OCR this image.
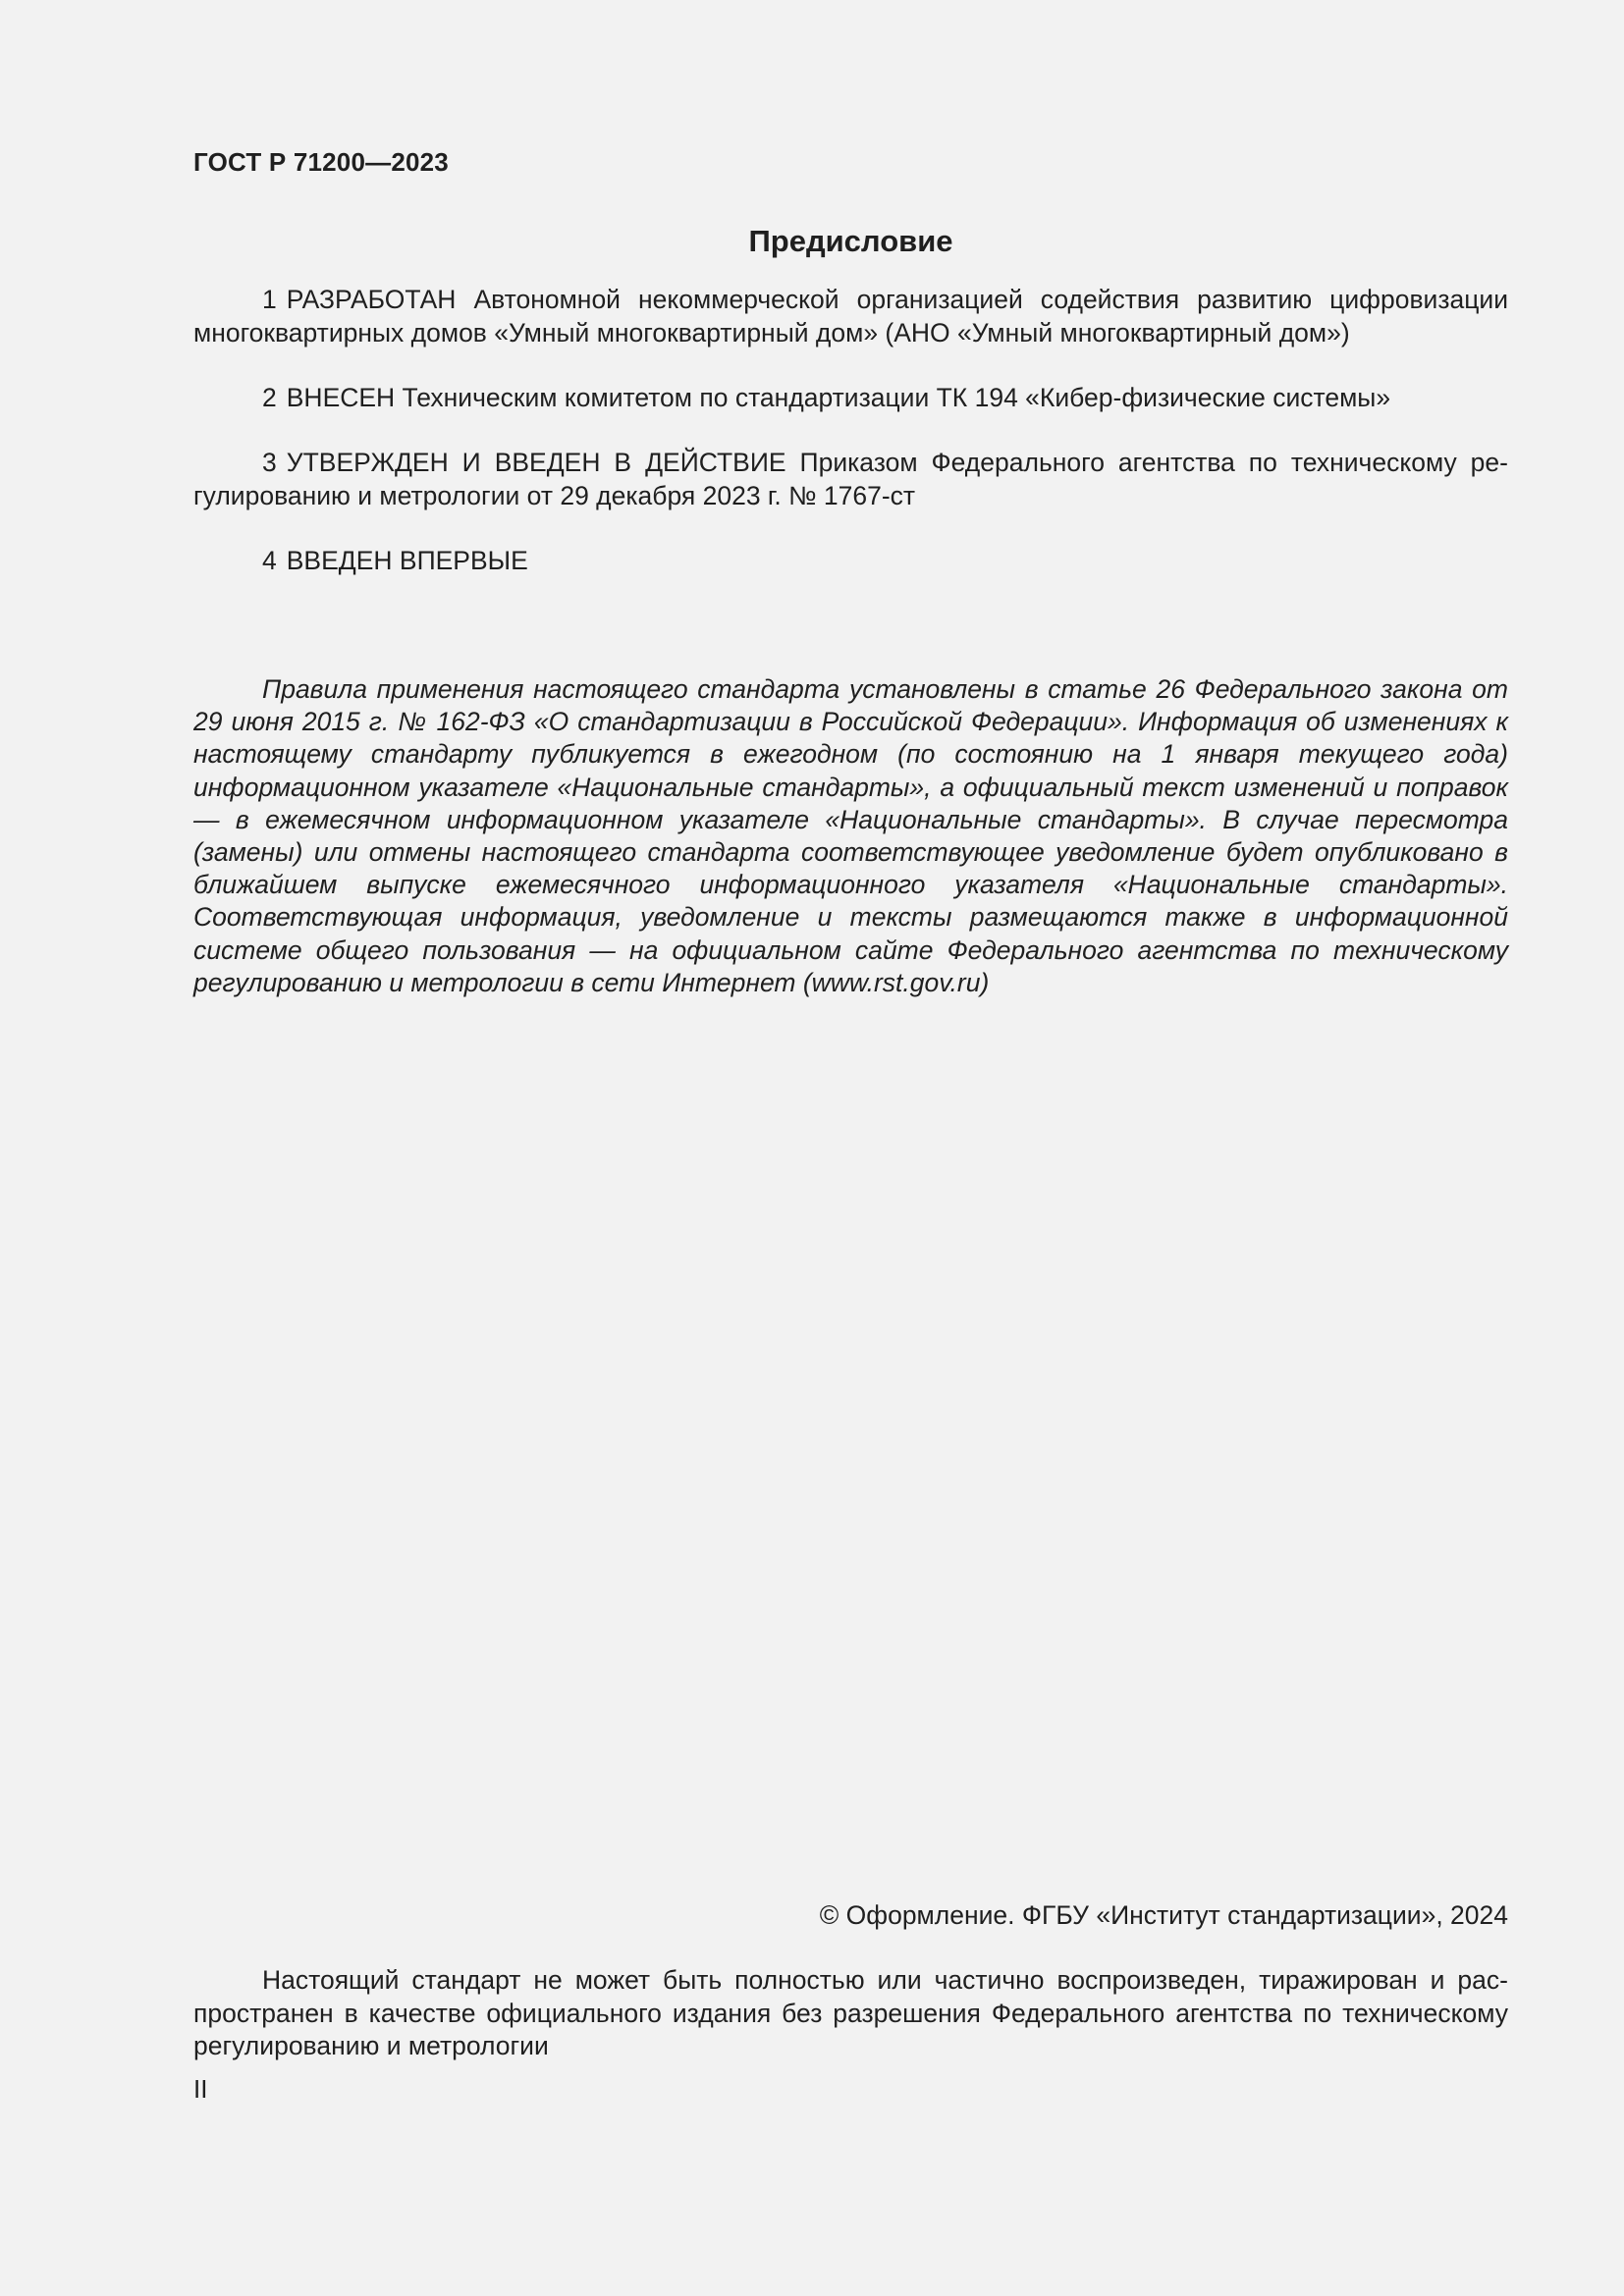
ГОСТ Р 71200—2023

Предисловие

1 РАЗРАБОТАН Автономной некоммерческой организацией содействия развитию цифровизации многоквартирных домов «Умный многоквартирный дом» (АНО «Умный многоквартирный дом»)

2 ВНЕСЕН Техническим комитетом по стандартизации ТК 194 «Кибер-физические системы»

3 УТВЕРЖДЕН И ВВЕДЕН В ДЕЙСТВИЕ Приказом Федерального агентства по техническому регулированию и метрологии от 29 декабря 2023 г. № 1767-ст

4 ВВЕДЕН ВПЕРВЫЕ

Правила применения настоящего стандарта установлены в статье 26 Федерального закона от 29 июня 2015 г. № 162-ФЗ «О стандартизации в Российской Федерации». Информация об изменениях к настоящему стандарту публикуется в ежегодном (по состоянию на 1 января текущего года) информационном указателе «Национальные стандарты», а официальный текст изменений и поправок — в ежемесячном информационном указателе «Национальные стандарты». В случае пересмотра (замены) или отмены настоящего стандарта соответствующее уведомление будет опубликовано в ближайшем выпуске ежемесячного информационного указателя «Национальные стандарты». Соответствующая информация, уведомление и тексты размещаются также в информационной системе общего пользования — на официальном сайте Федерального агентства по техническому регулированию и метрологии в сети Интернет (www.rst.gov.ru)

© Оформление. ФГБУ «Институт стандартизации», 2024

Настоящий стандарт не может быть полностью или частично воспроизведен, тиражирован и распространен в качестве официального издания без разрешения Федерального агентства по техническому регулированию и метрологии

II
